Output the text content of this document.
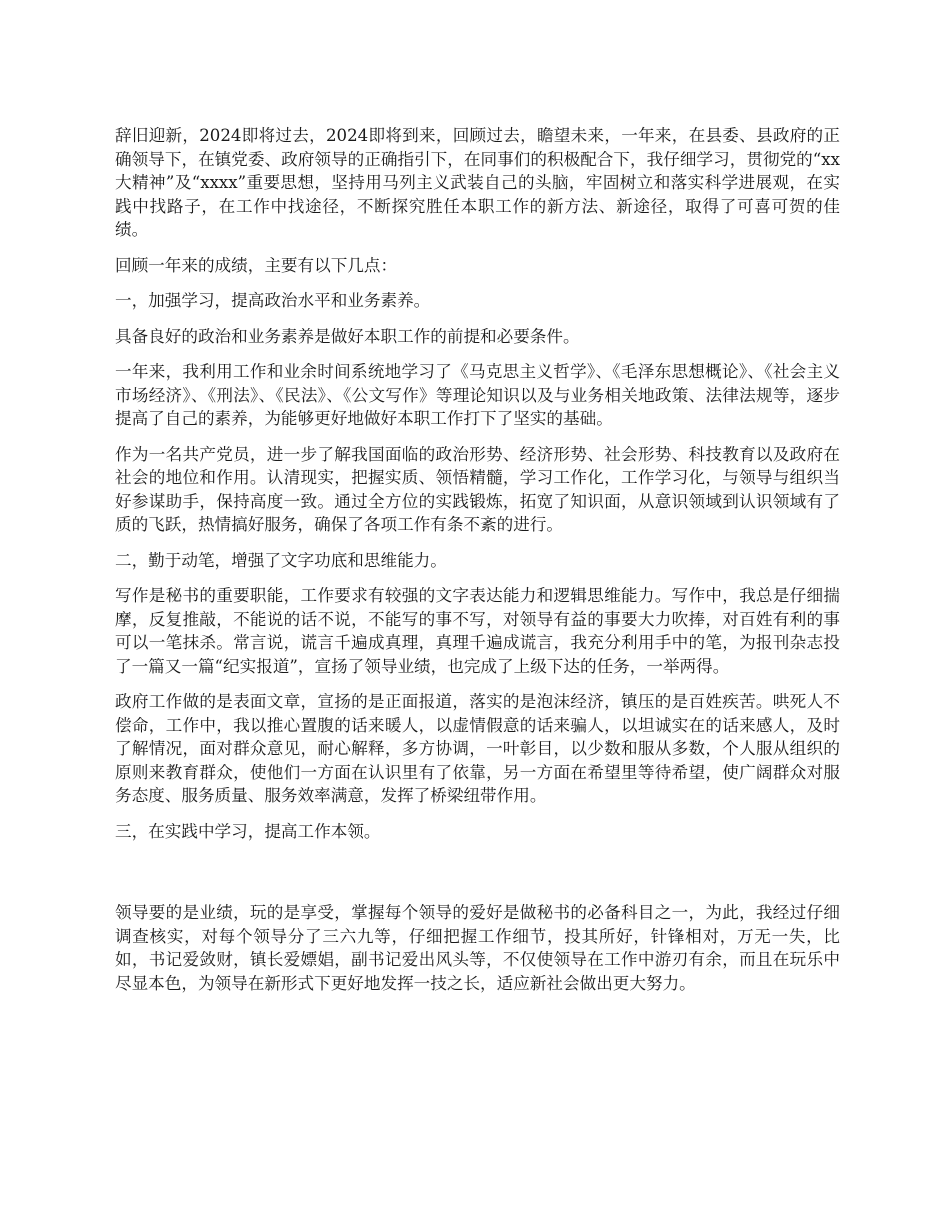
辞旧迎新，2024即将过去，2024即将到来，回顾过去，瞻望未来，一年来，在县委、县政府的正确领导下，在镇党委、政府领导的正确指引下，在同事们的积极配合下，我仔细学习，贯彻党的“xx大精神”及“xxxx”重要思想，坚持用马列主义武装自己的头脑，牢固树立和落实科学进展观，在实践中找路子，在工作中找途径，不断探究胜任本职工作的新方法、新途径，取得了可喜可贺的佳绩。

回顾一年来的成绩，主要有以下几点：

一，加强学习，提高政治水平和业务素养。

具备良好的政治和业务素养是做好本职工作的前提和必要条件。

一年来，我利用工作和业余时间系统地学习了《马克思主义哲学》、《毛泽东思想概论》、《社会主义市场经济》、《刑法》、《民法》、《公文写作》等理论知识以及与业务相关地政策、法律法规等，逐步提高了自己的素养，为能够更好地做好本职工作打下了坚实的基础。

作为一名共产党员，进一步了解我国面临的政治形势、经济形势、社会形势、科技教育以及政府在社会的地位和作用。认清现实，把握实质、领悟精髓，学习工作化，工作学习化，与领导与组织当好参谋助手，保持高度一致。通过全方位的实践锻炼，拓宽了知识面，从意识领域到认识领域有了质的飞跃，热情搞好服务，确保了各项工作有条不紊的进行。

二，勤于动笔，增强了文字功底和思维能力。

写作是秘书的重要职能，工作要求有较强的文字表达能力和逻辑思维能力。写作中，我总是仔细揣摩，反复推敲，不能说的话不说，不能写的事不写，对领导有益的事要大力吹捧，对百姓有利的事可以一笔抹杀。常言说，谎言千遍成真理，真理千遍成谎言，我充分利用手中的笔，为报刊杂志投了一篇又一篇“纪实报道”，宣扬了领导业绩，也完成了上级下达的任务，一举两得。

政府工作做的是表面文章，宣扬的是正面报道，落实的是泡沫经济，镇压的是百姓疾苦。哄死人不偿命，工作中，我以推心置腹的话来暖人，以虚情假意的话来骗人，以坦诚实在的话来感人，及时了解情况，面对群众意见，耐心解释，多方协调，一叶彰目，以少数和服从多数，个人服从组织的原则来教育群众，使他们一方面在认识里有了依靠，另一方面在希望里等待希望，使广阔群众对服务态度、服务质量、服务效率满意，发挥了桥梁纽带作用。

三，在实践中学习，提高工作本领。

领导要的是业绩，玩的是享受，掌握每个领导的爱好是做秘书的必备科目之一，为此，我经过仔细调查核实，对每个领导分了三六九等，仔细把握工作细节，投其所好，针锋相对，万无一失，比如，书记爱敛财，镇长爱嫖娼，副书记爱出风头等，不仅使领导在工作中游刃有余，而且在玩乐中尽显本色，为领导在新形式下更好地发挥一技之长，适应新社会做出更大努力。
